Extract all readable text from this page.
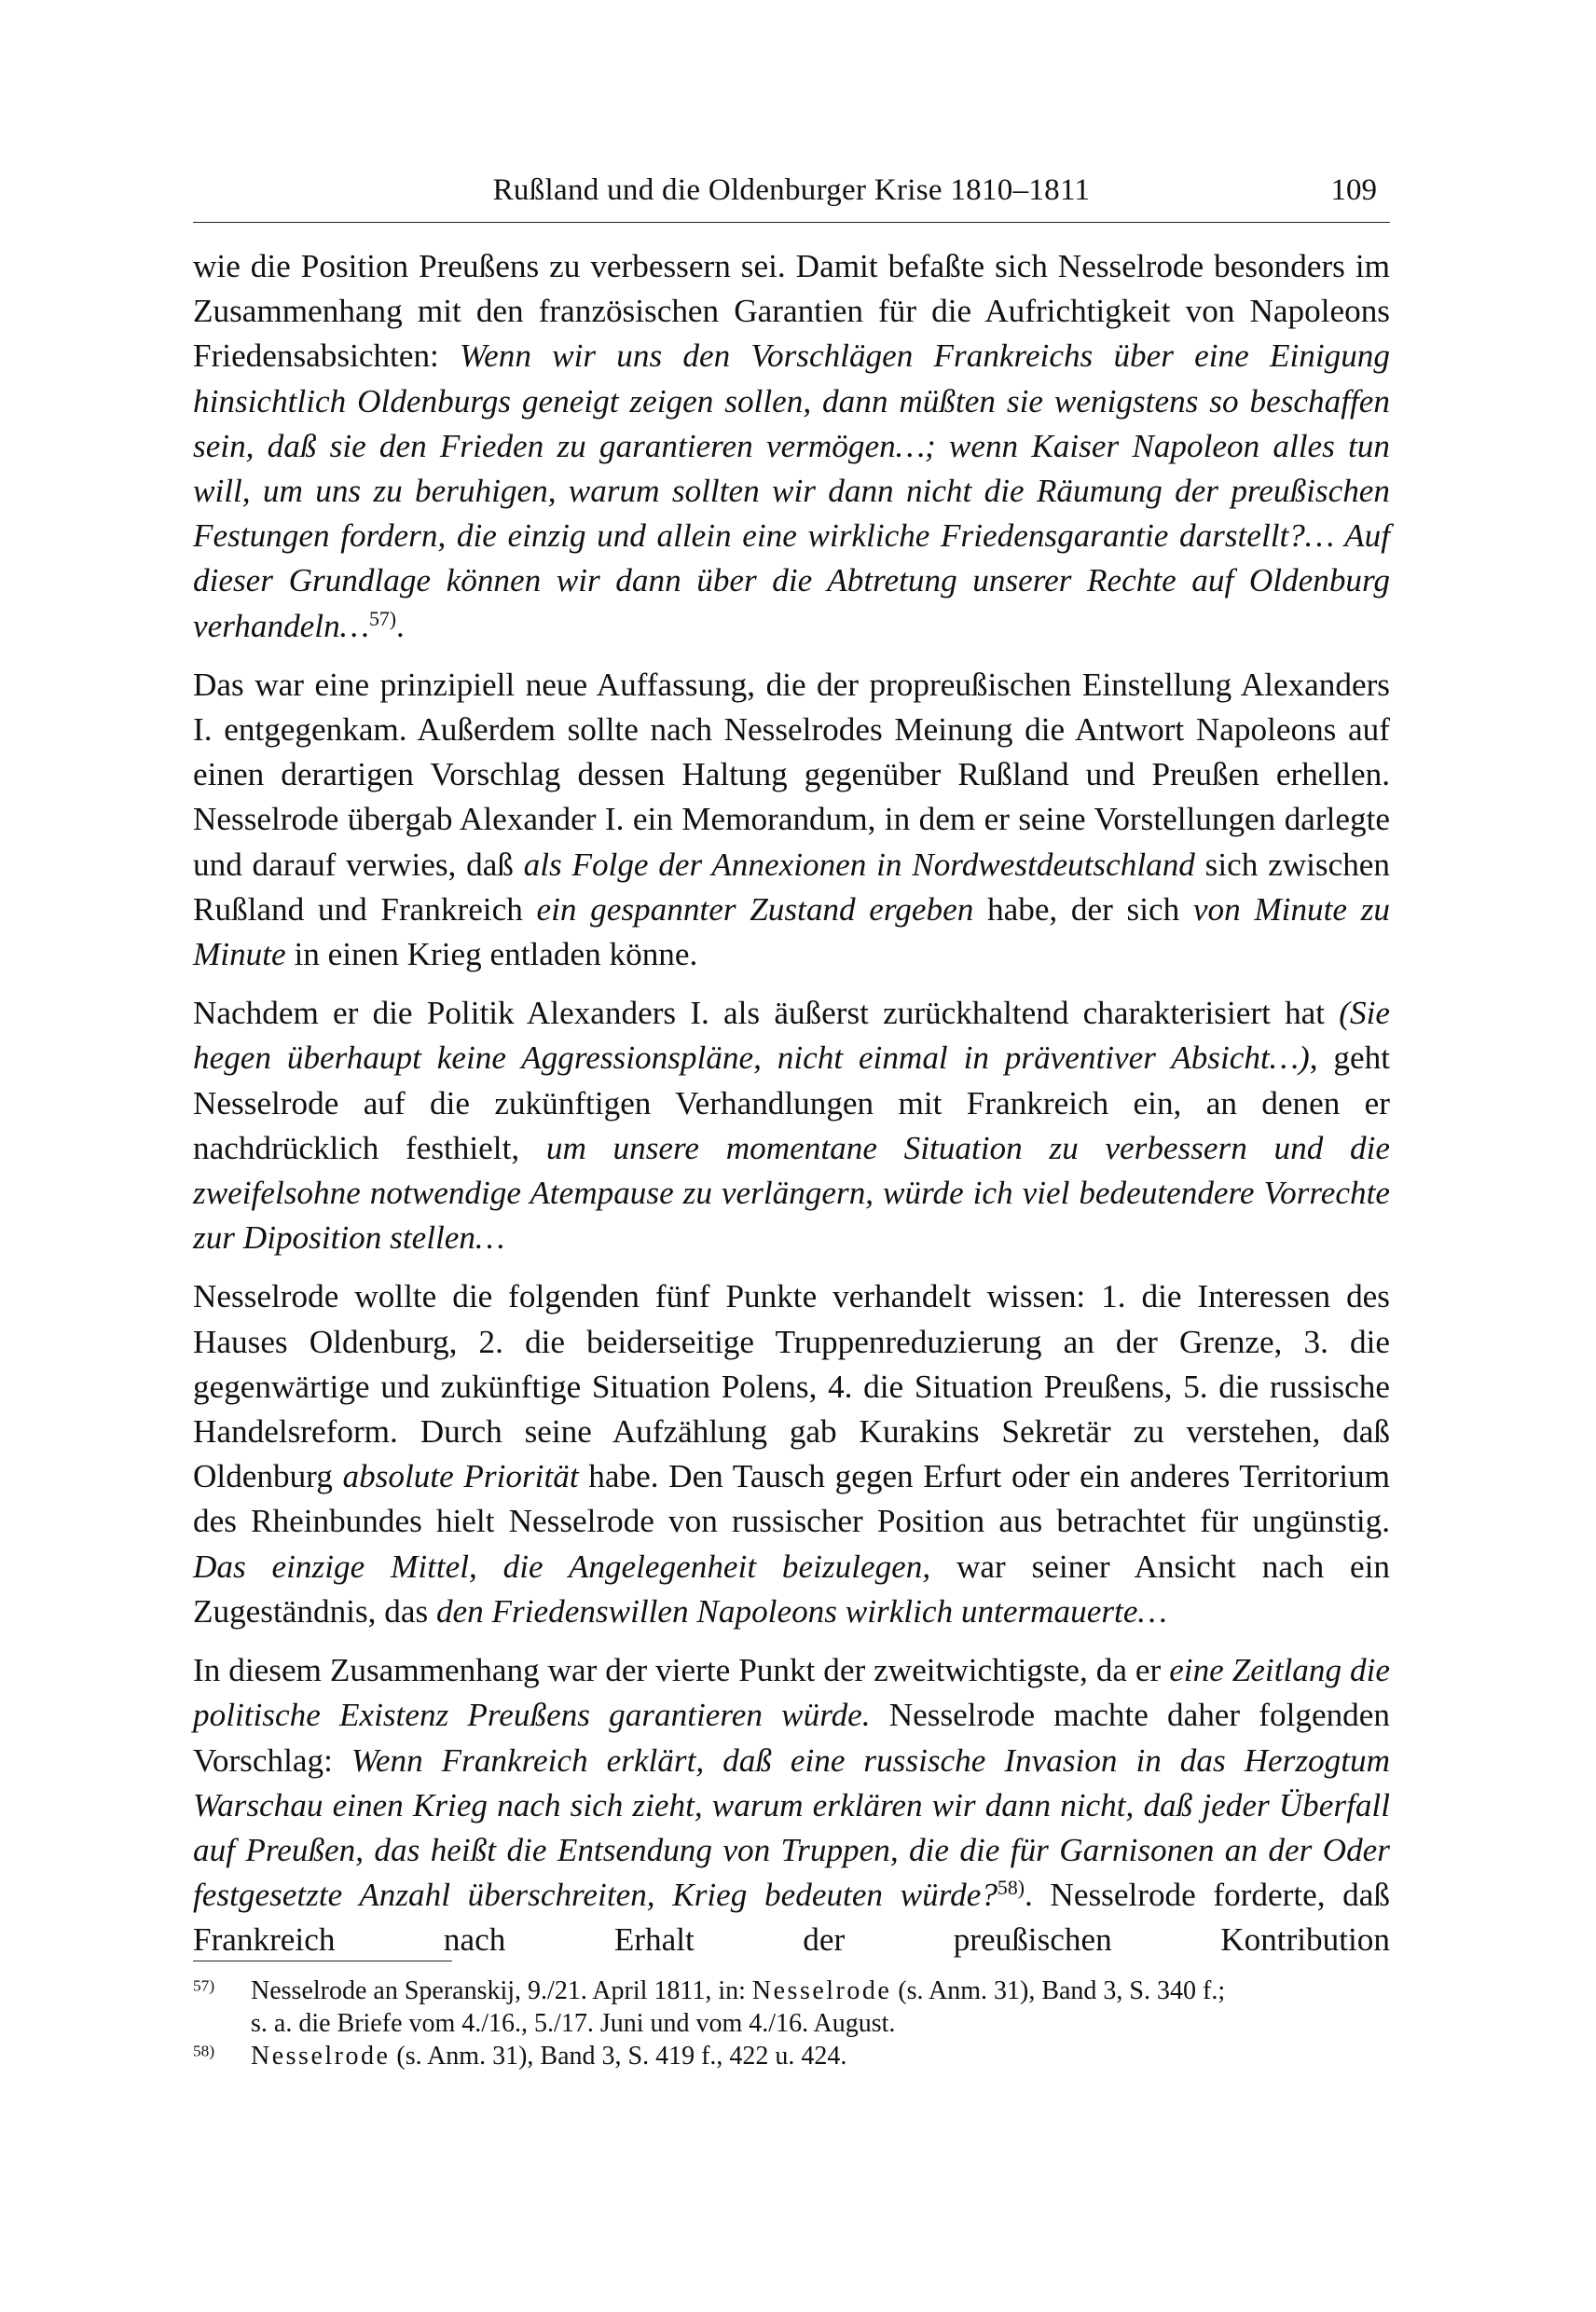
Rußland und die Oldenburger Krise 1810–1811	109

wie die Position Preußens zu verbessern sei. Damit befaßte sich Nesselrode besonders im Zusammenhang mit den französischen Garantien für die Aufrichtigkeit von Napoleons Friedensabsichten: Wenn wir uns den Vorschlägen Frankreichs über eine Einigung hinsichtlich Oldenburgs geneigt zeigen sollen, dann müßten sie wenigstens so beschaffen sein, daß sie den Frieden zu garantieren vermögen…; wenn Kaiser Napoleon alles tun will, um uns zu beruhigen, warum sollten wir dann nicht die Räumung der preußischen Festungen fordern, die einzig und allein eine wirkliche Friedensgarantie darstellt?… Auf dieser Grundlage können wir dann über die Abtretung unserer Rechte auf Oldenburg verhandeln…$^{57)}$.

Das war eine prinzipiell neue Auffassung, die der propreußischen Einstellung Alexanders I. entgegenkam. Außerdem sollte nach Nesselrodes Meinung die Antwort Napoleons auf einen derartigen Vorschlag dessen Haltung gegenüber Rußland und Preußen erhellen. Nesselrode übergab Alexander I. ein Memorandum, in dem er seine Vorstellungen darlegte und darauf verwies, daß als Folge der Annexionen in Nordwestdeutschland sich zwischen Rußland und Frankreich ein gespannter Zustand ergeben habe, der sich von Minute zu Minute in einen Krieg entladen könne.

Nachdem er die Politik Alexanders I. als äußerst zurückhaltend charakterisiert hat (Sie hegen überhaupt keine Aggressionspläne, nicht einmal in präventiver Absicht…), geht Nesselrode auf die zukünftigen Verhandlungen mit Frankreich ein, an denen er nachdrücklich festhielt, um unsere momentane Situation zu verbessern und die zweifelsohne notwendige Atempause zu verlängern, würde ich viel bedeutendere Vorrechte zur Diposition stellen…

Nesselrode wollte die folgenden fünf Punkte verhandelt wissen: 1. die Interessen des Hauses Oldenburg, 2. die beiderseitige Truppenreduzierung an der Grenze, 3. die gegenwärtige und zukünftige Situation Polens, 4. die Situation Preußens, 5. die russische Handelsreform. Durch seine Aufzählung gab Kurakins Sekretär zu verstehen, daß Oldenburg absolute Priorität habe. Den Tausch gegen Erfurt oder ein anderes Territorium des Rheinbundes hielt Nesselrode von russischer Position aus betrachtet für ungünstig. Das einzige Mittel, die Angelegenheit beizulegen, war seiner Ansicht nach ein Zugeständnis, das den Friedenswillen Napoleons wirklich untermauerte…

In diesem Zusammenhang war der vierte Punkt der zweitwichtigste, da er eine Zeitlang die politische Existenz Preußens garantieren würde. Nesselrode machte daher folgenden Vorschlag: Wenn Frankreich erklärt, daß eine russische Invasion in das Herzogtum Warschau einen Krieg nach sich zieht, warum erklären wir dann nicht, daß jeder Überfall auf Preußen, das heißt die Entsendung von Truppen, die die für Garnisonen an der Oder festgesetzte Anzahl überschreiten, Krieg bedeuten würde?$^{58)}$. Nesselrode forderte, daß Frankreich nach Erhalt der preußischen Kontribution

$^{57)}$ Nesselrode an Speranskij, 9./21. April 1811, in: Nesselrode (s. Anm. 31), Band 3, S. 340 f.;
s. a. die Briefe vom 4./16., 5./17. Juni und vom 4./16. August.
$^{58)}$ Nesselrode (s. Anm. 31), Band 3, S. 419 f., 422 u. 424.
